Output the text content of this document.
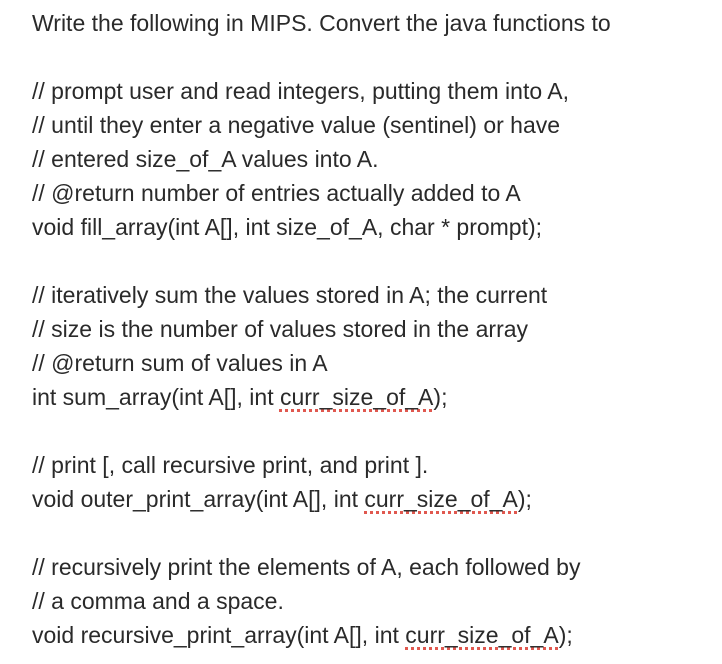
Write the following in MIPS. Convert the java functions to
// prompt user and read integers, putting them into A,
// until they enter a negative value (sentinel) or have
// entered size_of_A values into A.
// @return number of entries actually added to A
void fill_array(int A[], int size_of_A, char * prompt);
// iteratively sum the values stored in A; the current
// size is the number of values stored in the array
// @return sum of values in A
int sum_array(int A[], int curr_size_of_A);
// print [, call recursive print, and print ].
void outer_print_array(int A[], int curr_size_of_A);
// recursively print the elements of A, each followed by
// a comma and a space.
void recursive_print_array(int A[], int curr_size_of_A);
